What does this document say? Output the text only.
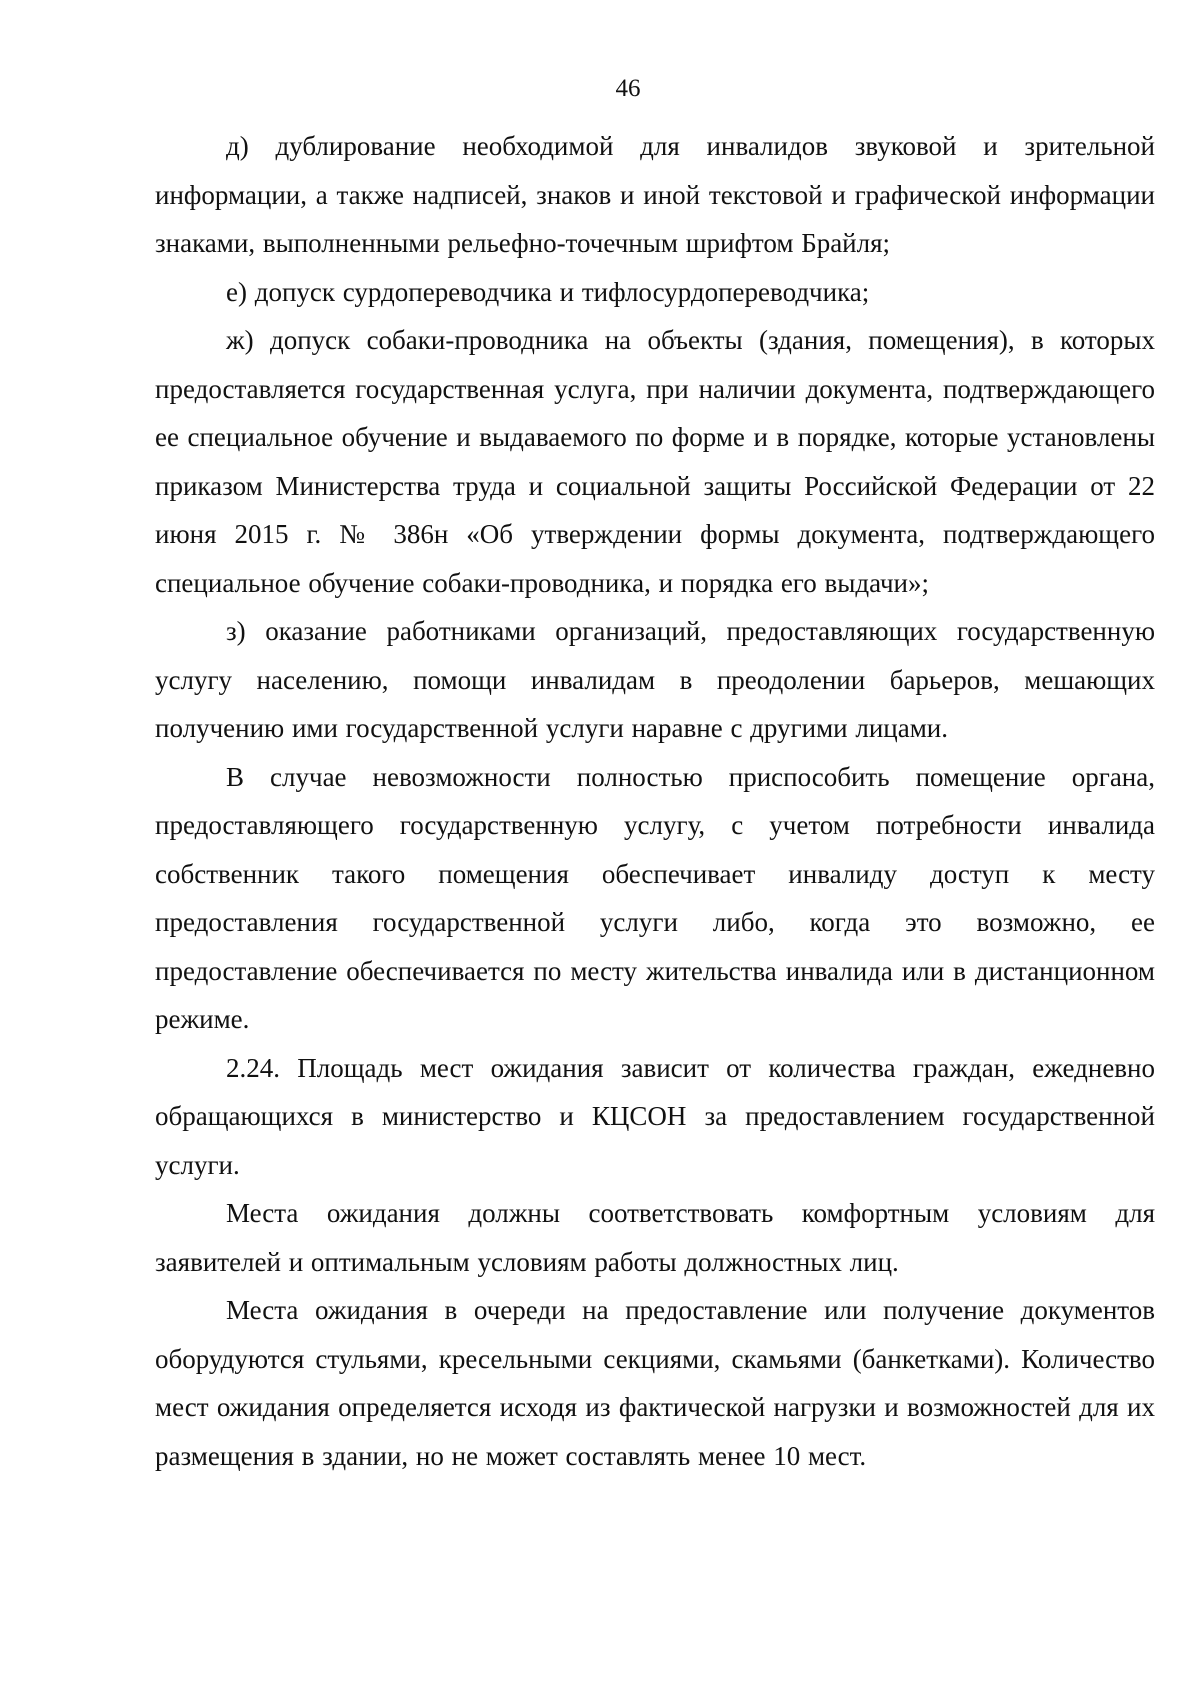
46

д) дублирование необходимой для инвалидов звуковой и зрительной информации, а также надписей, знаков и иной текстовой и графической информации знаками, выполненными рельефно-точечным шрифтом Брайля;

е) допуск сурдопереводчика и тифлосурдопереводчика;

ж) допуск собаки-проводника на объекты (здания, помещения), в которых предоставляется государственная услуга, при наличии документа, подтверждающего ее специальное обучение и выдаваемого по форме и в порядке, которые установлены приказом Министерства труда и социальной защиты Российской Федерации от 22 июня 2015 г. № 386н «Об утверждении формы документа, подтверждающего специальное обучение собаки-проводника, и порядка его выдачи»;

з) оказание работниками организаций, предоставляющих государственную услугу населению, помощи инвалидам в преодолении барьеров, мешающих получению ими государственной услуги наравне с другими лицами.

В случае невозможности полностью приспособить помещение органа, предоставляющего государственную услугу, с учетом потребности инвалида собственник такого помещения обеспечивает инвалиду доступ к месту предоставления государственной услуги либо, когда это возможно, ее предоставление обеспечивается по месту жительства инвалида или в дистанционном режиме.

2.24. Площадь мест ожидания зависит от количества граждан, ежедневно обращающихся в министерство и КЦСОН за предоставлением государственной услуги.

Места ожидания должны соответствовать комфортным условиям для заявителей и оптимальным условиям работы должностных лиц.

Места ожидания в очереди на предоставление или получение документов оборудуются стульями, кресельными секциями, скамьями (банкетками). Количество мест ожидания определяется исходя из фактической нагрузки и возможностей для их размещения в здании, но не может составлять менее 10 мест.
